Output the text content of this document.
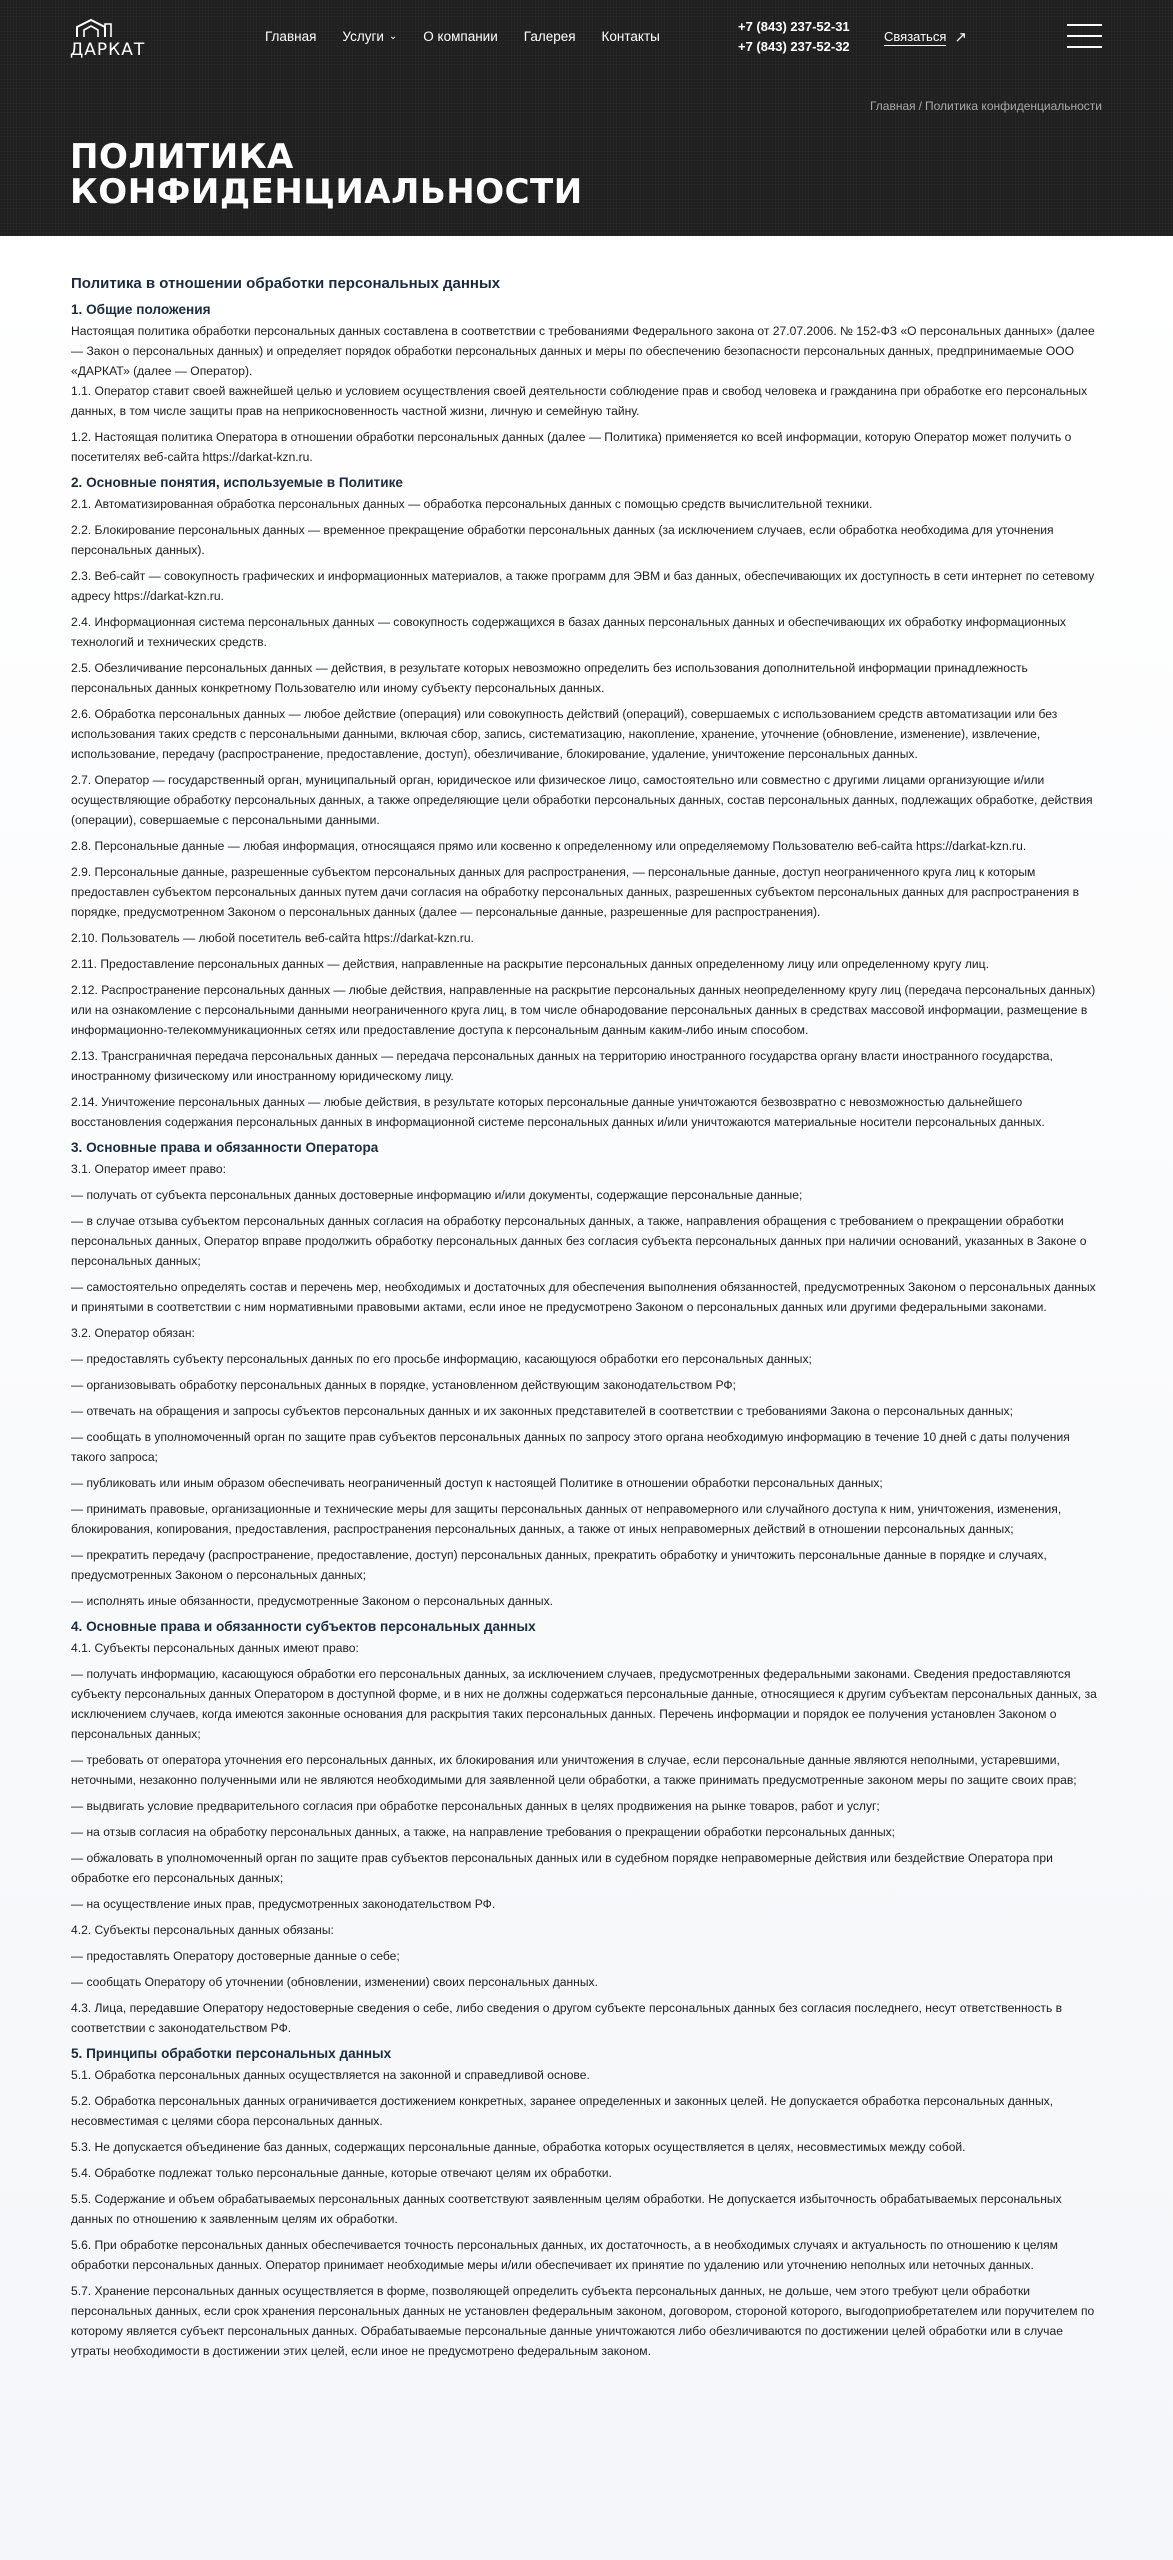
ДАРКАТ
Главная Услуги ⌄ О компании Галерея Контакты
+7 (843) 237-52-31
+7 (843) 237-52-32
Связаться ↗
Главная / Политика конфиденциальности
ПОЛИТИКА
КОНФИДЕНЦИАЛЬНОСТИ
Политика в отношении обработки персональных данных
1. Общие положения

Настоящая политика обработки персональных данных составлена в соответствии с требованиями Федерального закона от 27.07.2006. № 152-ФЗ «О персональных данных» (далее — Закон о персональных данных) и определяет порядок обработки персональных данных и меры по обеспечению безопасности персональных данных, предпринимаемые ООО «ДАРКАТ» (далее — Оператор).

1.1. Оператор ставит своей важнейшей целью и условием осуществления своей деятельности соблюдение прав и свобод человека и гражданина при обработке его персональных данных, в том числе защиты прав на неприкосновенность частной жизни, личную и семейную тайну.

1.2. Настоящая политика Оператора в отношении обработки персональных данных (далее — Политика) применяется ко всей информации, которую Оператор может получить о посетителях веб-сайта https://darkat-kzn.ru.

2. Основные понятия, используемые в Политике

2.1. Автоматизированная обработка персональных данных — обработка персональных данных с помощью средств вычислительной техники.

2.2. Блокирование персональных данных — временное прекращение обработки персональных данных (за исключением случаев, если обработка необходима для уточнения персональных данных).

2.3. Веб-сайт — совокупность графических и информационных материалов, а также программ для ЭВМ и баз данных, обеспечивающих их доступность в сети интернет по сетевому адресу https://darkat-kzn.ru.

2.4. Информационная система персональных данных — совокупность содержащихся в базах данных персональных данных и обеспечивающих их обработку информационных технологий и технических средств.

2.5. Обезличивание персональных данных — действия, в результате которых невозможно определить без использования дополнительной информации принадлежность персональных данных конкретному Пользователю или иному субъекту персональных данных.

2.6. Обработка персональных данных — любое действие (операция) или совокупность действий (операций), совершаемых с использованием средств автоматизации или без использования таких средств с персональными данными, включая сбор, запись, систематизацию, накопление, хранение, уточнение (обновление, изменение), извлечение, использование, передачу (распространение, предоставление, доступ), обезличивание, блокирование, удаление, уничтожение персональных данных.

2.7. Оператор — государственный орган, муниципальный орган, юридическое или физическое лицо, самостоятельно или совместно с другими лицами организующие и/или осуществляющие обработку персональных данных, а также определяющие цели обработки персональных данных, состав персональных данных, подлежащих обработке, действия (операции), совершаемые с персональными данными.

2.8. Персональные данные — любая информация, относящаяся прямо или косвенно к определенному или определяемому Пользователю веб-сайта https://darkat-kzn.ru.

2.9. Персональные данные, разрешенные субъектом персональных данных для распространения, — персональные данные, доступ неограниченного круга лиц к которым предоставлен субъектом персональных данных путем дачи согласия на обработку персональных данных, разрешенных субъектом персональных данных для распространения в порядке, предусмотренном Законом о персональных данных (далее — персональные данные, разрешенные для распространения).

2.10. Пользователь — любой посетитель веб-сайта https://darkat-kzn.ru.

2.11. Предоставление персональных данных — действия, направленные на раскрытие персональных данных определенному лицу или определенному кругу лиц.

2.12. Распространение персональных данных — любые действия, направленные на раскрытие персональных данных неопределенному кругу лиц (передача персональных данных) или на ознакомление с персональными данными неограниченного круга лиц, в том числе обнародование персональных данных в средствах массовой информации, размещение в информационно-телекоммуникационных сетях или предоставление доступа к персональным данным каким-либо иным способом.

2.13. Трансграничная передача персональных данных — передача персональных данных на территорию иностранного государства органу власти иностранного государства, иностранному физическому или иностранному юридическому лицу.

2.14. Уничтожение персональных данных — любые действия, в результате которых персональные данные уничтожаются безвозвратно с невозможностью дальнейшего восстановления содержания персональных данных в информационной системе персональных данных и/или уничтожаются материальные носители персональных данных.

3. Основные права и обязанности Оператора

3.1. Оператор имеет право:

— получать от субъекта персональных данных достоверные информацию и/или документы, содержащие персональные данные;

— в случае отзыва субъектом персональных данных согласия на обработку персональных данных, а также, направления обращения с требованием о прекращении обработки персональных данных, Оператор вправе продолжить обработку персональных данных без согласия субъекта персональных данных при наличии оснований, указанных в Законе о персональных данных;

— самостоятельно определять состав и перечень мер, необходимых и достаточных для обеспечения выполнения обязанностей, предусмотренных Законом о персональных данных и принятыми в соответствии с ним нормативными правовыми актами, если иное не предусмотрено Законом о персональных данных или другими федеральными законами.

3.2. Оператор обязан:

— предоставлять субъекту персональных данных по его просьбе информацию, касающуюся обработки его персональных данных;

— организовывать обработку персональных данных в порядке, установленном действующим законодательством РФ;

— отвечать на обращения и запросы субъектов персональных данных и их законных представителей в соответствии с требованиями Закона о персональных данных;

— сообщать в уполномоченный орган по защите прав субъектов персональных данных по запросу этого органа необходимую информацию в течение 10 дней с даты получения такого запроса;

— публиковать или иным образом обеспечивать неограниченный доступ к настоящей Политике в отношении обработки персональных данных;

— принимать правовые, организационные и технические меры для защиты персональных данных от неправомерного или случайного доступа к ним, уничтожения, изменения, блокирования, копирования, предоставления, распространения персональных данных, а также от иных неправомерных действий в отношении персональных данных;

— прекратить передачу (распространение, предоставление, доступ) персональных данных, прекратить обработку и уничтожить персональные данные в порядке и случаях, предусмотренных Законом о персональных данных;

— исполнять иные обязанности, предусмотренные Законом о персональных данных.

4. Основные права и обязанности субъектов персональных данных

4.1. Субъекты персональных данных имеют право:

— получать информацию, касающуюся обработки его персональных данных, за исключением случаев, предусмотренных федеральными законами. Сведения предоставляются субъекту персональных данных Оператором в доступной форме, и в них не должны содержаться персональные данные, относящиеся к другим субъектам персональных данных, за исключением случаев, когда имеются законные основания для раскрытия таких персональных данных. Перечень информации и порядок ее получения установлен Законом о персональных данных;

— требовать от оператора уточнения его персональных данных, их блокирования или уничтожения в случае, если персональные данные являются неполными, устаревшими, неточными, незаконно полученными или не являются необходимыми для заявленной цели обработки, а также принимать предусмотренные законом меры по защите своих прав;

— выдвигать условие предварительного согласия при обработке персональных данных в целях продвижения на рынке товаров, работ и услуг;

— на отзыв согласия на обработку персональных данных, а также, на направление требования о прекращении обработки персональных данных;

— обжаловать в уполномоченный орган по защите прав субъектов персональных данных или в судебном порядке неправомерные действия или бездействие Оператора при обработке его персональных данных;

— на осуществление иных прав, предусмотренных законодательством РФ.

4.2. Субъекты персональных данных обязаны:

— предоставлять Оператору достоверные данные о себе;

— сообщать Оператору об уточнении (обновлении, изменении) своих персональных данных.

4.3. Лица, передавшие Оператору недостоверные сведения о себе, либо сведения о другом субъекте персональных данных без согласия последнего, несут ответственность в соответствии с законодательством РФ.

5. Принципы обработки персональных данных

5.1. Обработка персональных данных осуществляется на законной и справедливой основе.

5.2. Обработка персональных данных ограничивается достижением конкретных, заранее определенных и законных целей. Не допускается обработка персональных данных, несовместимая с целями сбора персональных данных.

5.3. Не допускается объединение баз данных, содержащих персональные данные, обработка которых осуществляется в целях, несовместимых между собой.

5.4. Обработке подлежат только персональные данные, которые отвечают целям их обработки.

5.5. Содержание и объем обрабатываемых персональных данных соответствуют заявленным целям обработки. Не допускается избыточность обрабатываемых персональных данных по отношению к заявленным целям их обработки.

5.6. При обработке персональных данных обеспечивается точность персональных данных, их достаточность, а в необходимых случаях и актуальность по отношению к целям обработки персональных данных. Оператор принимает необходимые меры и/или обеспечивает их принятие по удалению или уточнению неполных или неточных данных.

5.7. Хранение персональных данных осуществляется в форме, позволяющей определить субъекта персональных данных, не дольше, чем этого требуют цели обработки персональных данных, если срок хранения персональных данных не установлен федеральным законом, договором, стороной которого, выгодоприобретателем или поручителем по которому является субъект персональных данных. Обрабатываемые персональные данные уничтожаются либо обезличиваются по достижении целей обработки или в случае утраты необходимости в достижении этих целей, если иное не предусмотрено федеральным законом.
